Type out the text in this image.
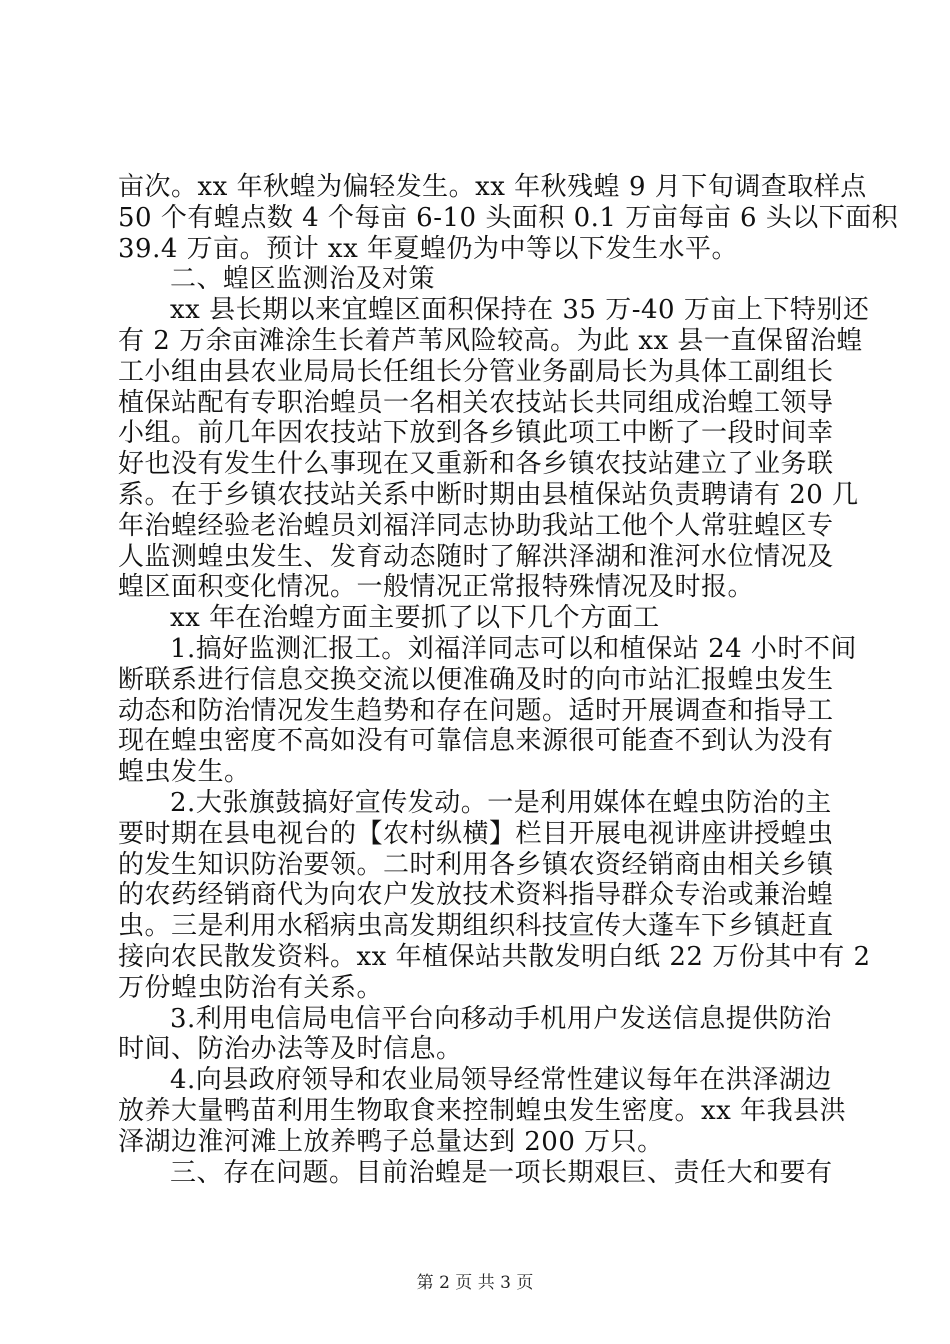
亩次。xx 年秋蝗为偏轻发生。xx 年秋残蝗 9 月下旬调查取样点
50 个有蝗点数 4 个每亩 6-10 头面积 0.1 万亩每亩 6 头以下面积
39.4 万亩。预计 xx 年夏蝗仍为中等以下发生水平。
二、蝗区监测治及对策
xx 县长期以来宜蝗区面积保持在 35 万-40 万亩上下特别还
有 2 万余亩滩涂生长着芦苇风险较高。为此 xx 县一直保留治蝗
工小组由县农业局局长任组长分管业务副局长为具体工副组长
植保站配有专职治蝗员一名相关农技站长共同组成治蝗工领导
小组。前几年因农技站下放到各乡镇此项工中断了一段时间幸
好也没有发生什么事现在又重新和各乡镇农技站建立了业务联
系。在于乡镇农技站关系中断时期由县植保站负责聘请有 20 几
年治蝗经验老治蝗员刘福洋同志协助我站工他个人常驻蝗区专
人监测蝗虫发生、发育动态随时了解洪泽湖和淮河水位情况及
蝗区面积变化情况。一般情况正常报特殊情况及时报。
xx 年在治蝗方面主要抓了以下几个方面工
1.搞好监测汇报工。刘福洋同志可以和植保站 24 小时不间
断联系进行信息交换交流以便准确及时的向市站汇报蝗虫发生
动态和防治情况发生趋势和存在问题。适时开展调查和指导工
现在蝗虫密度不高如没有可靠信息来源很可能查不到认为没有
蝗虫发生。
2.大张旗鼓搞好宣传发动。一是利用媒体在蝗虫防治的主
要时期在县电视台的【农村纵横】栏目开展电视讲座讲授蝗虫
的发生知识防治要领。二时利用各乡镇农资经销商由相关乡镇
的农药经销商代为向农户发放技术资料指导群众专治或兼治蝗
虫。三是利用水稻病虫高发期组织科技宣传大蓬车下乡镇赶直
接向农民散发资料。xx 年植保站共散发明白纸 22 万份其中有 2
万份蝗虫防治有关系。
3.利用电信局电信平台向移动手机用户发送信息提供防治
时间、防治办法等及时信息。
4.向县政府领导和农业局领导经常性建议每年在洪泽湖边
放养大量鸭苗利用生物取食来控制蝗虫发生密度。xx 年我县洪
泽湖边淮河滩上放养鸭子总量达到 200 万只。
三、存在问题。目前治蝗是一项长期艰巨、责任大和要有
第 2 页 共 3 页
